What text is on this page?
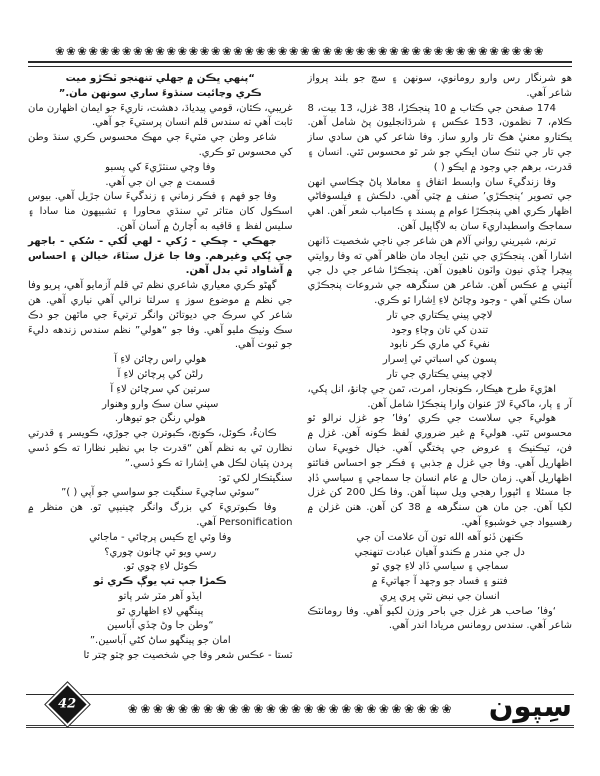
❀❀❀❀❀❀❀❀❀❀❀❀❀❀❀❀❀❀❀❀❀❀❀❀❀❀❀❀❀❀❀❀❀❀❀❀❀❀❀❀❀❀❀❀

هو شرنگار رس وارو رومانوي، سونهن ۽ سچ جو بلند پرواز شاعر آهي.

174 صفحن جي ڪتاب ۾ 10 پنجڪڙا، 38 غزل، 13 بيت، 8 ڪلام، 7 نظمون، 153 عڪس ۽ شرڌانجليون پڻ شامل آهن. يڪتارو معنيٰ هڪ تار وارو ساز. وفا شاعر کي هن سادي ساز جي تار جي ٺٺڪ سان ايڪي جو شر ٿو محسوس ٿئي. انسان ۽ قدرت، برهم جي وجود ۾ ايڪو ( )

وفا زندگيءَ سان وابسط اتفاق ۽ معاملا پاڻ چڪاسي انهن جي تصوير ‘پنجڪڙي’ صنف ۾ چٽي آهي. دلڪش ۽ فيلسوفاڻي اظهار ڪري اهي پنجڪڙا عوام ۾ پسند ۽ ڪامياب شعر آهن. اهي سماجڪ واسطيداريءَ سان به لاڳاپيل آهن.

ترنم، شيريني رواني آلام هن شاعر جي ناجي شخصيت ڏانهن اشارا آهن. پنجڪڙي جي نئين ايجاد مان ظاهر آهي ته وفا روايتي پيچرا ڇڏي نيون واٽون ٺاهيون آهن. پنجڪڙا شاعر جي دل جي آئيني ۾ عڪس آهن. شاعر هن سنگرهه جي شروعات پنجڪڙي سان ڪئي آهي - وجود وچائڻ لاءِ اِشارا ٿو ڪري.

لاچي پيني يڪتاري جي تار
تندن کي تان وڄاءِ وجود
نفيءَ کي ماري ڪر نابود
پسون کي اسباتي ٿي اِسرار
لاچي پيني يڪتاري جي تار

اهڙيءَ طرح هيڪار، ڪونجار، امرت، ٿمن جي چانؤ، انل پکي، آر ۽ پار، ماکيءَ لاڙ عنوان وارا پنجڪڙا شامل آهن.

هوليءَ جي سلاست جي ڪري ‘وفا’ جو غزل نرالو ٿو محسوس ٿئي. هوليءَ ۾ غير ضروري لفظ ڪونه آهن. غزل ۾ فن، ٽيڪنيڪ ۽ عروض جي پختگي آهي. خيال خوبيءَ سان اظهاريل آهي. وفا جي غزل ۾ جذبي ۽ فڪر جو احساس فنائتو اظهاريل آهي. زمان حال ۾ عام انسان جا سماجي ۽ سياسي ڏاڍ جا مسئلا ۽ اڻپورا رهجي ويل سپنا آهن. وفا ڪل 200 کن غزل لکيا آهن. جن مان هن سنگرهه ۾ 38 کن آهن. هنن غزلن ۾ رهسيواد جي خوشبوءِ آهي.

ڪنهن ڏٺو آهه الله تون آن علامت اَن جي
دل جي مندر ۾ ڪندو آهيان عبادت تنهنجي
سماجي ۽ سياسي ڏاڍ لاءِ چوي ٿو
فتنو ۽ فساد جو وجهد آ جهاتيءَ ۾
انسان جي نبض نٿي ڀري ڀري

‘وفا’ صاحب هر غزل جي باحر وزن لکيو آهي. وفا رومانٽڪ شاعر آهي. سندس رومانس مريادا اندر آهي.

“پنهي ڀڪن ۾ جهلي تنهنجو ٽڪڙو ميت
ڪري وڃائيت سنڌوءَ ساري سونهن مان.”

غريبي، ڪئان، قومي پيدياڌ، دهشت، ناريءَ جو ايمان اظهارن مان ثابت آهي ته سندس قلم انسان پرستيءَ جو آهي.

شاعر وطن جي مٽيءَ جي مهڪ محسوس ڪري سنڌ وطن کي محسوس ٿو ڪري.

وفا وڄي سنٽڙيءَ کي پسبو
قسمت ۾ جي ان جي آهي.

وفا جو فهم ۽ فڪر زماني ۽ زندگيءَ سان جڙيل آهي. بيوس اسڪول کان متاثر ٿي سنڌي محاورا ۽ تشبيهون منا سادا ۽ سليس لفظ ۽ قافيه به اُچارڻ ۾ آسان آهن.

جهڪي - چڪي - رُکي - لهي لُکي - سُکي - باجهر جي ڀُکي وغيرهم. وفا جا غزل سٽاءَ، خيالن ۽ احساس ۾ آشاواد ٿي بدل آهن.

گهڻو ڪري معياري شاعري نظم ٿي قلم آزمايو آهي، پريو وفا جي نظم ۾ موضوع سوز ۽ سرلتا نرالي آهي نياري آهي. هن شاعر کي سرڪ جي ديوتائن وانگر ترتيءَ جي ماٿهن جو دڪ سڪ وٺيڪ مليو آهي. وفا جو “هولي” نظم سندس زندهه دليءَ جو ثبوت آهي.

هولي راس رچائن لاءِ آ
رلڻن کي پرچائن لاءِ آ
سرتين کي سرچائن لاءِ آ
سپني سان سڪ وارو وهنوار
هولي رنگن جو تيوهار.

ڪانءُ، ڪوئل، ڪونج، ڪبوترن جي جوڙي، ڪويسر ۽ قدرتي نظارن ٿي به نظم آهن “قدرت جا بي نظير نظارا ته ڪو ڏسي پردن پٽيان لڪل هي اِشارا ته ڪو ڏسي.”

سنگيتڪار لکي ٿو:

“سوئي ساچيءَ سنگيت جو سواسي جو آپي ( )”

وفا ڪبوتريءَ کي بزرگ وانگر چينيپي ٿو. هن منظر ۾ Personification آهي.

وفا وئي اچ ڪيس پرچائي - ماجائي
رسي ويو ٿي چانون چوري؟
ڪوئل لاءِ چوي ٿو.
ڪمڙا جپ تپ يوڳ ڪري ٿو
ايڏو آهر مٽر شر پاتو
پينگهي لاءِ اظهاري ٿو
“وطن جا وڻ چڏي آباسين
امان جو پينگهو ساڻ کڻي آباسين.”

ٽستا - عڪس شعر وفا جي شخصيت جو چٽو چتر ٿا

42	❀❀❀❀❀❀❀❀❀❀❀❀❀❀❀❀❀❀❀❀❀❀❀❀❀❀	سِپون
